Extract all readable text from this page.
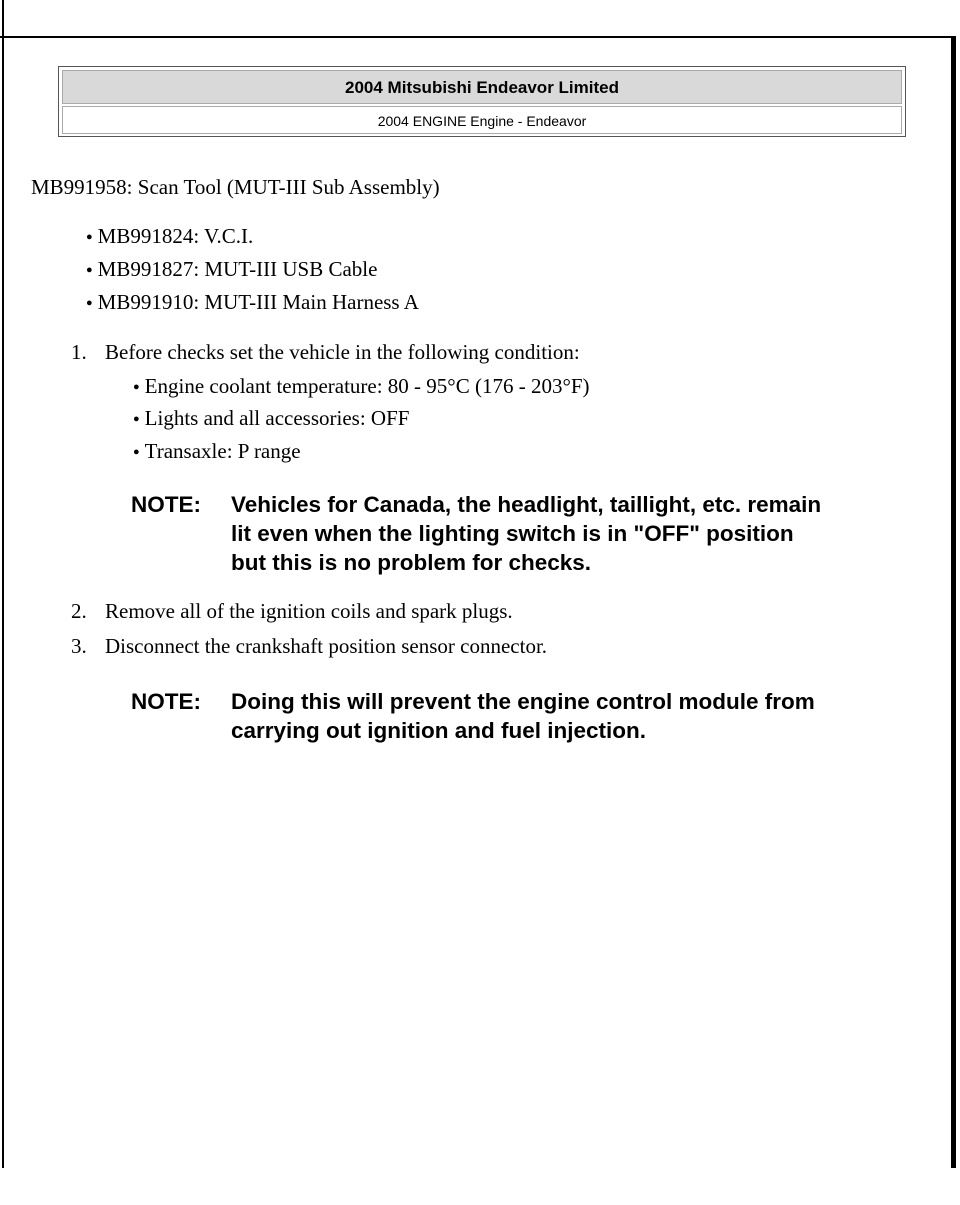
2004 Mitsubishi Endeavor Limited
2004 ENGINE Engine - Endeavor
MB991958: Scan Tool (MUT-III Sub Assembly)
● MB991824: V.C.I.
● MB991827: MUT-III USB Cable
● MB991910: MUT-III Main Harness A
1. Before checks set the vehicle in the following condition:
● Engine coolant temperature: 80 - 95°C (176 - 203°F)
● Lights and all accessories: OFF
● Transaxle: P range
NOTE:	Vehicles for Canada, the headlight, taillight, etc. remain
lit even when the lighting switch is in "OFF" position
but this is no problem for checks.
2. Remove all of the ignition coils and spark plugs.
3. Disconnect the crankshaft position sensor connector.
NOTE:	Doing this will prevent the engine control module from
carrying out ignition and fuel injection.
